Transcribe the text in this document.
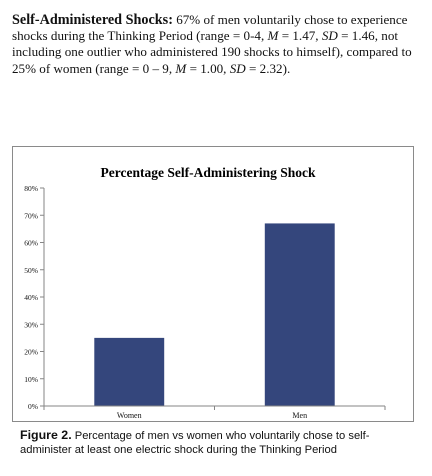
Self-Administered Shocks: 67% of men voluntarily chose to experience shocks during the Thinking Period (range = 0-4, M = 1.47, SD = 1.46, not including one outlier who administered 190 shocks to himself), compared to 25% of women (range = 0 – 9, M = 1.00, SD = 2.32).

Percentage Self-Administering Shock
0%
10%
20%
30%
40%
50%
60%
70%
80%
Women	Men

Figure 2. Percentage of men vs women who voluntarily chose to self-administer at least one electric shock during the Thinking Period
